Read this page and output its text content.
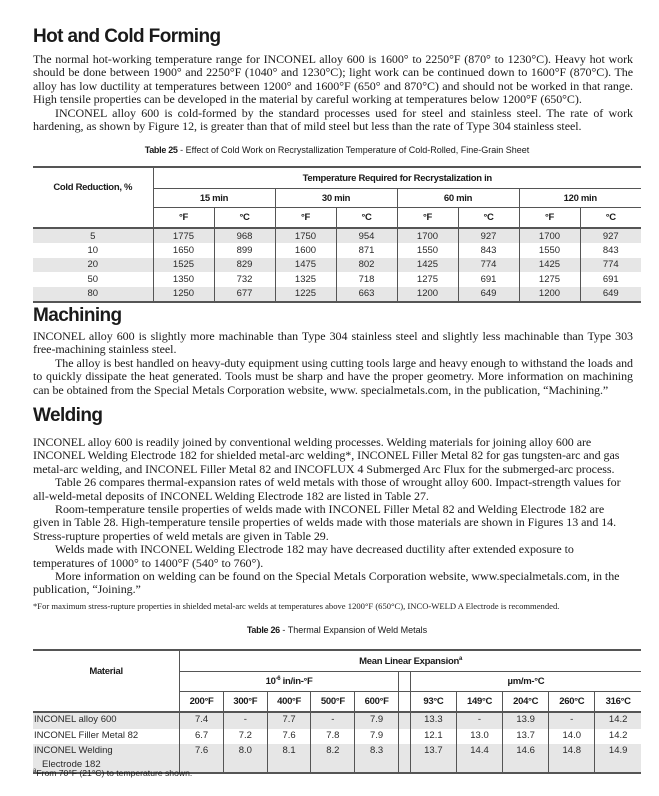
Hot and Cold Forming

The normal hot-working temperature range for INCONEL alloy 600 is 1600° to 2250°F (870° to 1230°C). Heavy hot work should be done between 1900° and 2250°F (1040° and 1230°C); light work can be continued down to 1600°F (870°C). The alloy has low ductility at temperatures between 1200° and 1600°F (650° and 870°C) and should not be worked in that range. High tensile properties can be developed in the material by careful working at temperatures below 1200°F (650°C).

INCONEL alloy 600 is cold-formed by the standard processes used for steel and stainless steel. The rate of work hardening, as shown by Figure 12, is greater than that of mild steel but less than the rate of Type 304 stainless steel.

Table 25 - Effect of Cold Work on Recrystallization Temperature of Cold-Rolled, Fine-Grain Sheet
Cold Reduction, %	Temperature Required for Recrystalization in							
	15 min		30 min		60 min		120 min	
	°F	°C	°F	°C	°F	°C	°F	°C
5	1775	968	1750	954	1700	927	1700	927
10	1650	899	1600	871	1550	843	1550	843
20	1525	829	1475	802	1425	774	1425	774
50	1350	732	1325	718	1275	691	1275	691
80	1250	677	1225	663	1200	649	1200	649
Machining

INCONEL alloy 600 is slightly more machinable than Type 304 stainless steel and slightly less machinable than Type 303 free-machining stainless steel.

The alloy is best handled on heavy-duty equipment using cutting tools large and heavy enough to withstand the loads and to quickly dissipate the heat generated. Tools must be sharp and have the proper geometry. More information on machining can be obtained from the Special Metals Corporation website, www. specialmetals.com, in the publication, “Machining.”

Welding

INCONEL alloy 600 is readily joined by conventional welding processes. Welding materials for joining alloy 600 are INCONEL Welding Electrode 182 for shielded metal-arc welding*, INCONEL Filler Metal 82 for gas tungsten-arc and gas metal-arc welding, and INCONEL Filler Metal 82 and INCOFLUX 4 Submerged Arc Flux for the submerged-arc process.

Table 26 compares thermal-expansion rates of weld metals with those of wrought alloy 600. Impact-strength values for all-weld-metal deposits of INCONEL Welding Electrode 182 are listed in Table 27.

Room-temperature tensile properties of welds made with INCONEL Filler Metal 82 and Welding Electrode 182 are given in Table 28. High-temperature tensile properties of welds made with those materials are shown in Figures 13 and 14. Stress-rupture properties of weld metals are given in Table 29.

Welds made with INCONEL Welding Electrode 182 may have decreased ductility after extended exposure to temperatures of 1000° to 1400°F (540° to 760°).

More information on welding can be found on the Special Metals Corporation website, www.specialmetals.com, in the publication, “Joining.”

*For maximum stress-rupture properties in shielded metal-arc welds at temperatures above 1200°F (650°C), INCO-WELD A Electrode is recommended.
Table 26 - Thermal Expansion of Weld Metals
Material	Mean Linear Expansion$^a$
	$10^{-6}$ in/in-°F						µm/m-°C				
	200°F	300°F	400°F	500°F	600°F		93°C	149°C	204°C	260°C	316°C

INCONEL alloy 600	7.4	-	7.7	-	7.9		13.3	-	13.9	-	14.2

INCONEL Filler Metal 82	6.7	7.2	7.6	7.8	7.9		12.1	13.0	13.7	14.0	14.2

INCONEL Welding
Electrode 182	7.6	8.0	8.1	8.2	8.3		13.7	14.4	14.6	14.8	14.9
$^a$From 70°F (21°C) to temperature shown.
